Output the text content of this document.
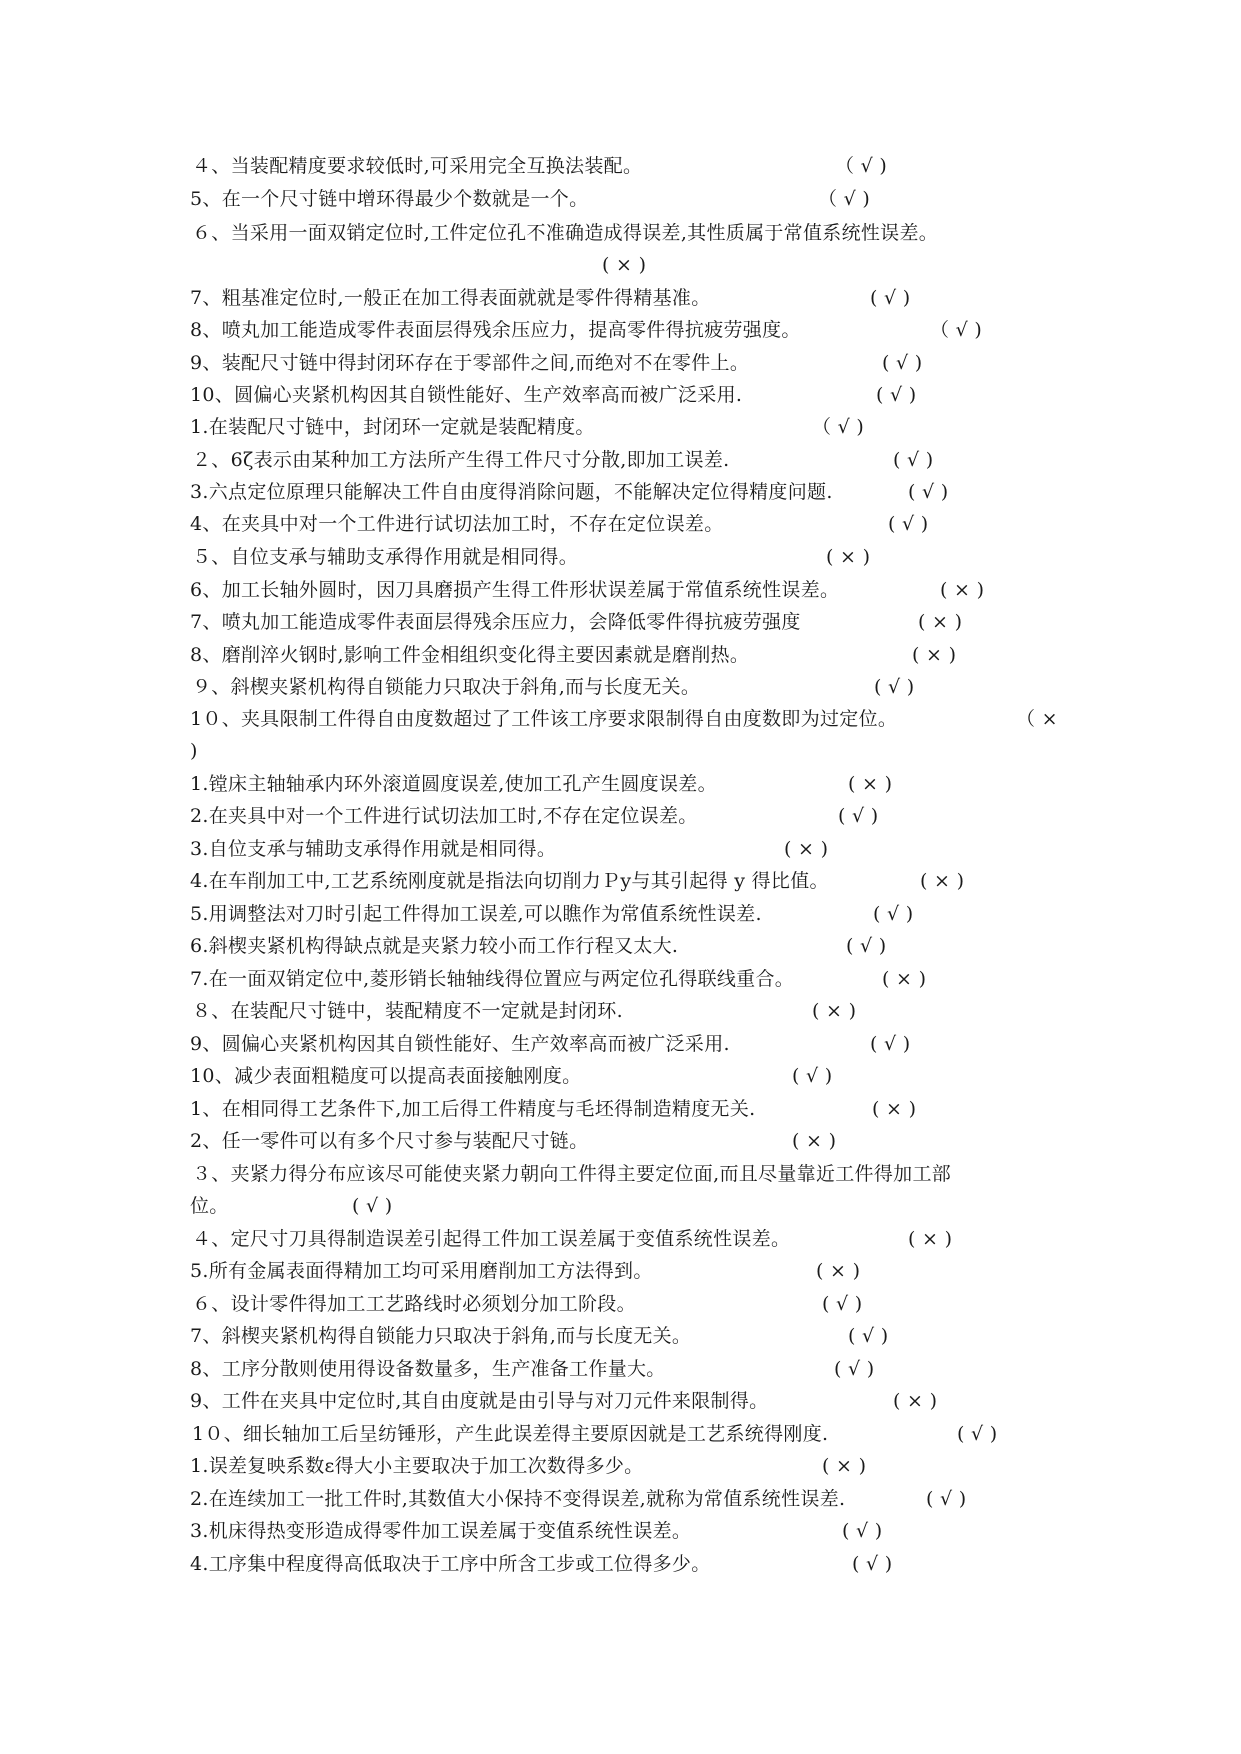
４、当装配精度要求较低时,可采用完全互换法装配。	（ √ )
5、在一个尺寸链中增环得最少个数就是一个。	（ √ )
６、当采用一面双销定位时,工件定位孔不准确造成得误差,其性质属于常值系统性误差。
( × )
7、粗基准定位时,一般正在加工得表面就就是零件得精基准。	( √ )
8、喷丸加工能造成零件表面层得残余压应力，提高零件得抗疲劳强度。	（ √ )
9、装配尺寸链中得封闭环存在于零部件之间,而绝对不在零件上。	( √ )
10、圆偏心夹紧机构因其自锁性能好、生产效率高而被广泛采用.	( √ )
1.在装配尺寸链中，封闭环一定就是装配精度。	（ √ )
２、6ζ表示由某种加工方法所产生得工件尺寸分散,即加工误差.	( √ )
3.六点定位原理只能解决工件自由度得消除问题，不能解决定位得精度问题.	( √ )
4、在夹具中对一个工件进行试切法加工时，不存在定位误差。	( √ )
５、自位支承与辅助支承得作用就是相同得。	( × )
6、加工长轴外圆时，因刀具磨损产生得工件形状误差属于常值系统性误差。	( × )
7、喷丸加工能造成零件表面层得残余压应力，会降低零件得抗疲劳强度	( × )
8、磨削淬火钢时,影响工件金相组织变化得主要因素就是磨削热。	( × )
９、斜楔夹紧机构得自锁能力只取决于斜角,而与长度无关。	( √ )
1０、夹具限制工件得自由度数超过了工件该工序要求限制得自由度数即为过定位。	（ ×
)
1.镗床主轴轴承内环外滚道圆度误差,使加工孔产生圆度误差。	( × )
2.在夹具中对一个工件进行试切法加工时,不存在定位误差。	( √ )
3.自位支承与辅助支承得作用就是相同得。	( × )
4.在车削加工中,工艺系统刚度就是指法向切削力Ｐy与其引起得 y 得比值。	( × )
5.用调整法对刀时引起工件得加工误差,可以瞧作为常值系统性误差.	( √ )
6.斜楔夹紧机构得缺点就是夹紧力较小而工作行程又太大.	( √ )
7.在一面双销定位中,菱形销长轴轴线得位置应与两定位孔得联线重合。	( × )
８、在装配尺寸链中，装配精度不一定就是封闭环.	( × )
9、圆偏心夹紧机构因其自锁性能好、生产效率高而被广泛采用.	( √ )
10、减少表面粗糙度可以提高表面接触刚度。	( √ )
1、在相同得工艺条件下,加工后得工件精度与毛坯得制造精度无关.	( × )
2、任一零件可以有多个尺寸参与装配尺寸链。	( × )
３、夹紧力得分布应该尽可能使夹紧力朝向工件得主要定位面,而且尽量靠近工件得加工部
位。	( √ )
４、定尺寸刀具得制造误差引起得工件加工误差属于变值系统性误差。	( × )
5.所有金属表面得精加工均可采用磨削加工方法得到。	( × )
６、设计零件得加工工艺路线时必须划分加工阶段。	( √ )
7、斜楔夹紧机构得自锁能力只取决于斜角,而与长度无关。	( √ )
8、工序分散则使用得设备数量多，生产准备工作量大。	( √ )
9、工件在夹具中定位时,其自由度就是由引导与对刀元件来限制得。	( × )
1０、细长轴加工后呈纺锤形，产生此误差得主要原因就是工艺系统得刚度.	( √ )
1.误差复映系数ε得大小主要取决于加工次数得多少。	( × )
2.在连续加工一批工件时,其数值大小保持不变得误差,就称为常值系统性误差.	( √ )
3.机床得热变形造成得零件加工误差属于变值系统性误差。	( √ )
4.工序集中程度得高低取决于工序中所含工步或工位得多少。	( √ )
